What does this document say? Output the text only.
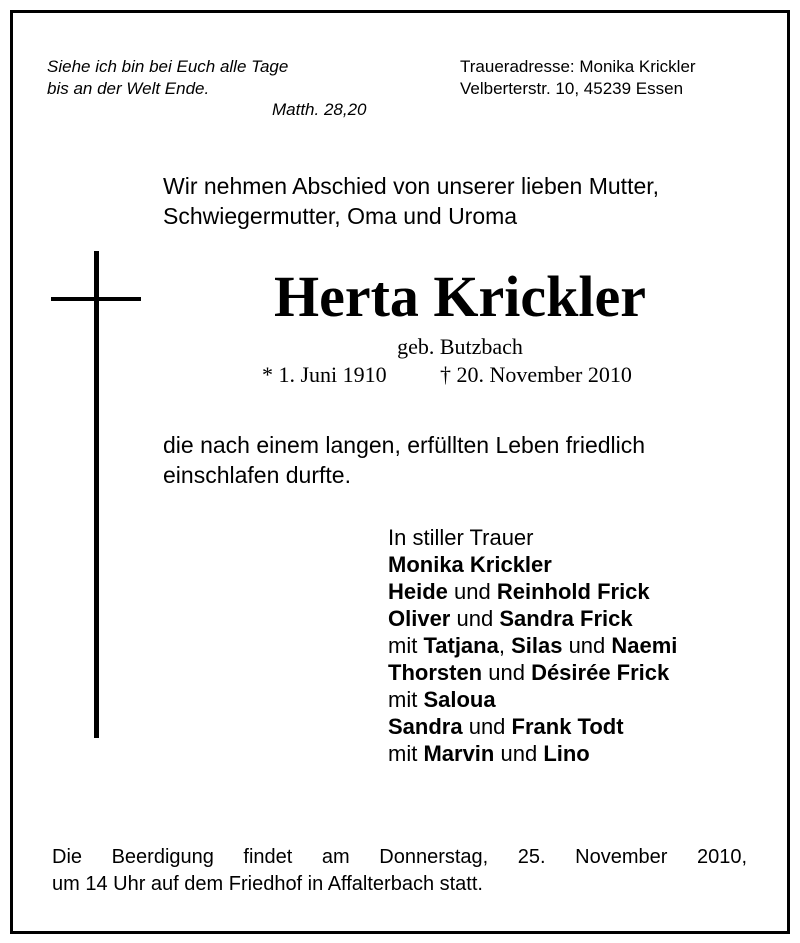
Siehe ich bin bei Euch alle Tage
bis an der Welt Ende.
Matth. 28,20
Traueradresse: Monika Krickler
Velberterstr. 10, 45239 Essen
Wir nehmen Abschied von unserer lieben Mutter,
Schwiegermutter, Oma und Uroma
Herta Krickler
geb. Butzbach
* 1. Juni 1910 † 20. November 2010
die nach einem langen, erfüllten Leben friedlich
einschlafen durfte.
In stiller Trauer
Monika Krickler
Heide und Reinhold Frick
Oliver und Sandra Frick
mit Tatjana, Silas und Naemi
Thorsten und Désirée Frick
mit Saloua
Sandra und Frank Todt
mit Marvin und Lino
Die Beerdigung findet am Donnerstag, 25. November 2010,
um 14 Uhr auf dem Friedhof in Affalterbach statt.
